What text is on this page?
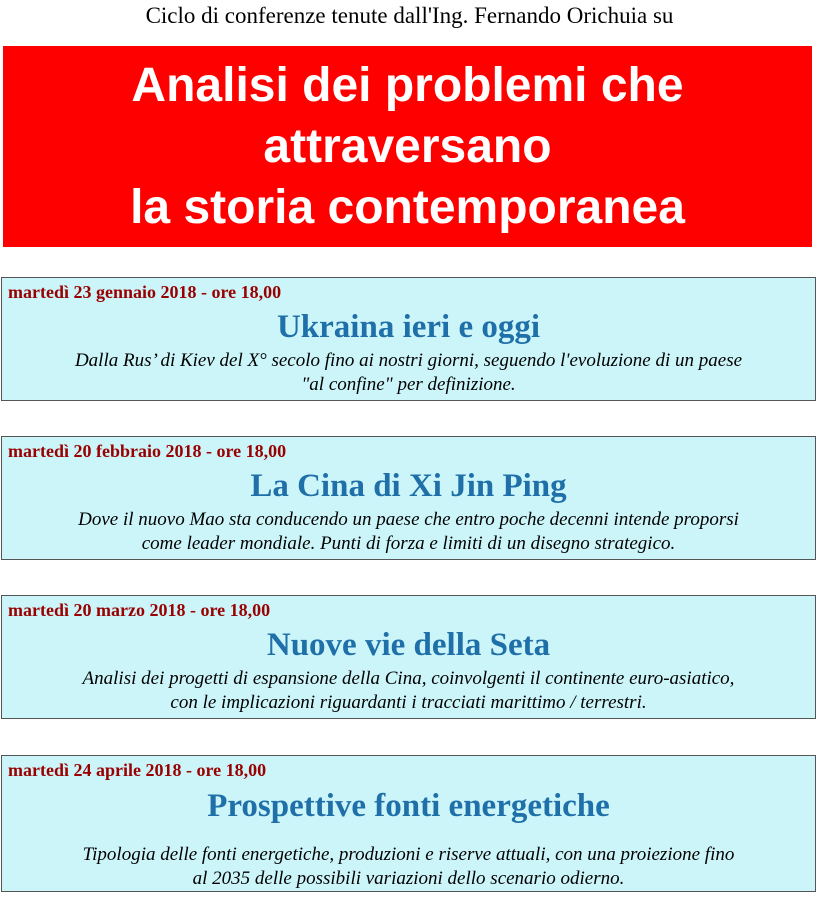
Ciclo di conferenze tenute dall'Ing. Fernando Orichuia su
Analisi dei problemi che
attraversano
la storia contemporanea
martedì 23 gennaio 2018 - ore 18,00
Ukraina ieri e oggi
Dalla Rus’ di Kiev del X° secolo fino ai nostri giorni, seguendo l'evoluzione di un paese
"al confine" per definizione.
martedì 20 febbraio 2018 - ore 18,00
La Cina di Xi Jin Ping
Dove il nuovo Mao sta conducendo un paese che entro poche decenni intende proporsi
come leader mondiale. Punti di forza e limiti di un disegno strategico.
martedì 20 marzo 2018 - ore 18,00
Nuove vie della Seta
Analisi dei progetti di espansione della Cina, coinvolgenti il continente euro-asiatico,
con le implicazioni riguardanti i tracciati marittimo / terrestri.
martedì 24 aprile 2018 - ore 18,00
Prospettive fonti energetiche
Tipologia delle fonti energetiche, produzioni e riserve attuali, con una proiezione fino
al 2035 delle possibili variazioni dello scenario odierno.
